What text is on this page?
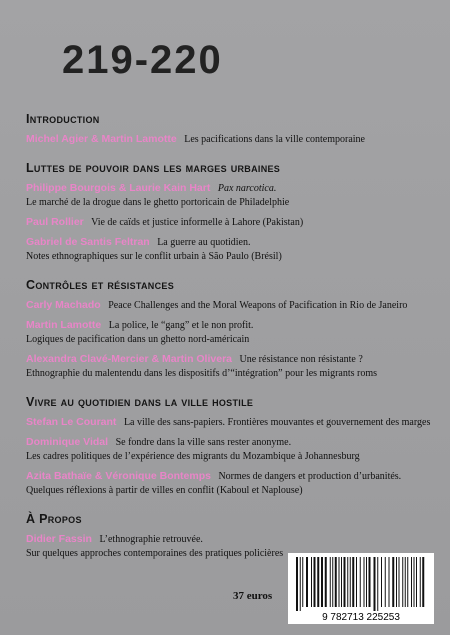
219-220
Introduction
Michel Agier & Martin Lamotte Les pacifications dans la ville contemporaine
Luttes de pouvoir dans les marges urbaines
Philippe Bourgois & Laurie Kain Hart Pax narcotica.
Le marché de la drogue dans le ghetto portoricain de Philadelphie
Paul Rollier Vie de caïds et justice informelle à Lahore (Pakistan)
Gabriel de Santis Feltran La guerre au quotidien.
Notes ethnographiques sur le conflit urbain à São Paulo (Brésil)
Contrôles et résistances
Carly Machado Peace Challenges and the Moral Weapons of Pacification in Rio de Janeiro
Martin Lamotte La police, le “gang” et le non profit.
Logiques de pacification dans un ghetto nord-américain
Alexandra Clavé-Mercier & Martin Olivera Une résistance non résistante ?
Ethnographie du malentendu dans les dispositifs d’“intégration” pour les migrants roms
Vivre au quotidien dans la ville hostile
Stefan Le Courant La ville des sans-papiers. Frontières mouvantes et gouvernement des marges
Dominique Vidal Se fondre dans la ville sans rester anonyme.
Les cadres politiques de l’expérience des migrants du Mozambique à Johannesburg
Azita Bathaïe & Véronique Bontemps Normes de dangers et production d’urbanités.
Quelques réflexions à partir de villes en conflit (Kaboul et Naplouse)
À Propos
Didier Fassin L’ethnographie retrouvée.
Sur quelques approches contemporaines des pratiques policières
37 euros
9 782713 225253
